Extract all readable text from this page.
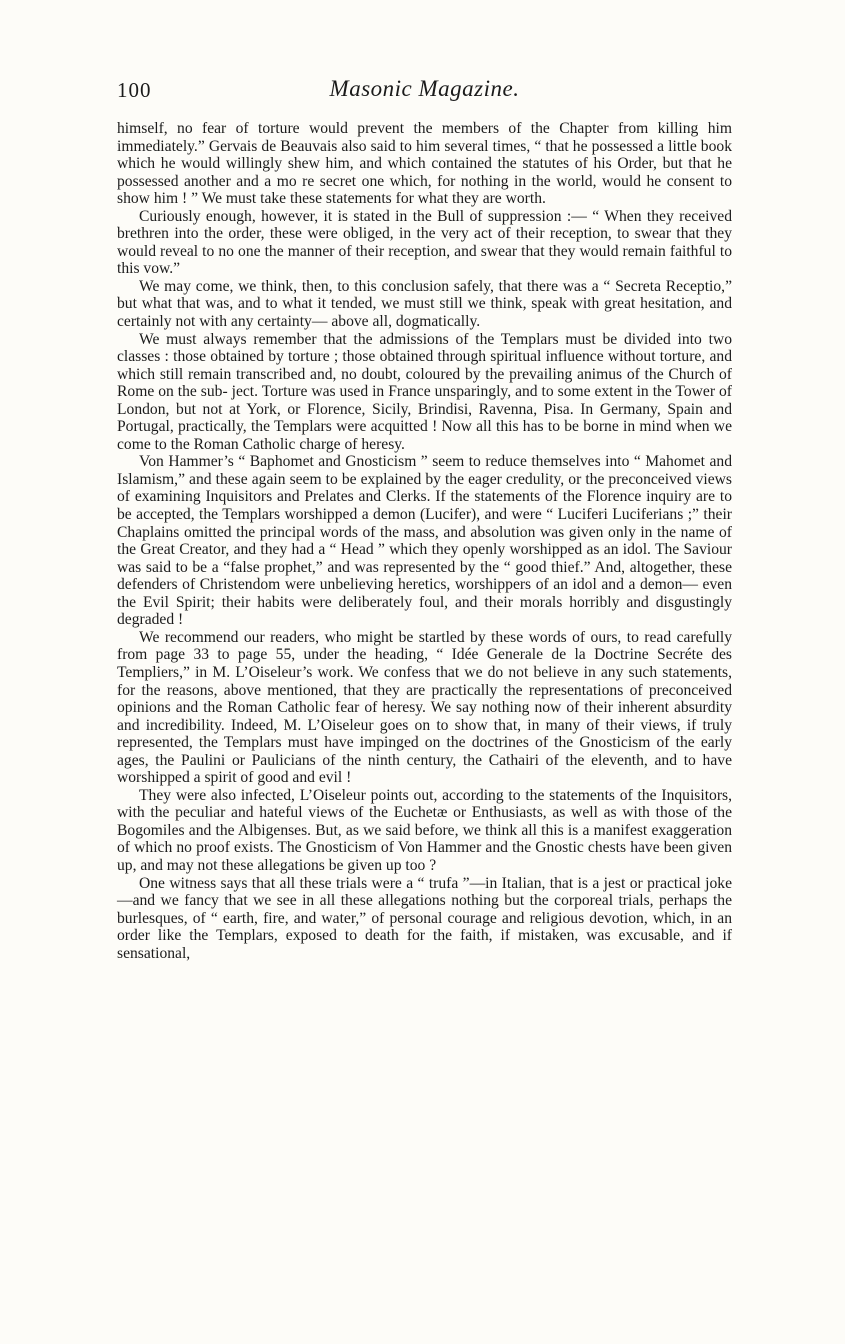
100	Masonic Magazine.

himself, no fear of torture would prevent the members of the Chapter from killing him immediately.” Gervais de Beauvais also said to him several times, “ that he possessed a little book which he would willingly shew him, and which contained the statutes of his Order, but that he possessed another and a mo re secret one which, for nothing in the world, would he consent to show him ! ” We must take these statements for what they are worth.

Curiously enough, however, it is stated in the Bull of suppression :— “ When they received brethren into the order, these were obliged, in the very act of their reception, to swear that they would reveal to no one the manner of their reception, and swear that they would remain faithful to this vow.”

We may come, we think, then, to this conclusion safely, that there was a “ Secreta Receptio,” but what that was, and to what it tended, we must still we think, speak with great hesitation, and certainly not with any certainty— above all, dogmatically.

We must always remember that the admissions of the Templars must be divided into two classes : those obtained by torture ; those obtained through spiritual influence without torture, and which still remain transcribed and, no doubt, coloured by the prevailing animus of the Church of Rome on the sub- ject. Torture was used in France unsparingly, and to some extent in the Tower of London, but not at York, or Florence, Sicily, Brindisi, Ravenna, Pisa. In Germany, Spain and Portugal, practically, the Templars were acquitted ! Now all this has to be borne in mind when we come to the Roman Catholic charge of heresy.

Von Hammer’s “ Baphomet and Gnosticism ” seem to reduce themselves into “ Mahomet and Islamism,” and these again seem to be explained by the eager credulity, or the preconceived views of examining Inquisitors and Prelates and Clerks. If the statements of the Florence inquiry are to be accepted, the Templars worshipped a demon (Lucifer), and were “ Luciferi Luciferians ;” their Chaplains omitted the principal words of the mass, and absolution was given only in the name of the Great Creator, and they had a “ Head ” which they openly worshipped as an idol. The Saviour was said to be a “false prophet,” and was represented by the “ good thief.” And, altogether, these defenders of Christendom were unbelieving heretics, worshippers of an idol and a demon— even the Evil Spirit; their habits were deliberately foul, and their morals horribly and disgustingly degraded !

We recommend our readers, who might be startled by these words of ours, to read carefully from page 33 to page 55, under the heading, “ Idée Generale de la Doctrine Secréte des Templiers,” in M. L’Oiseleur’s work. We confess that we do not believe in any such statements, for the reasons, above mentioned, that they are practically the representations of preconceived opinions and the Roman Catholic fear of heresy. We say nothing now of their inherent absurdity and incredibility. Indeed, M. L’Oiseleur goes on to show that, in many of their views, if truly represented, the Templars must have impinged on the doctrines of the Gnosticism of the early ages, the Paulini or Paulicians of the ninth century, the Cathairi of the eleventh, and to have worshipped a spirit of good and evil !

They were also infected, L’Oiseleur points out, according to the statements of the Inquisitors, with the peculiar and hateful views of the Euchetæ or Enthusiasts, as well as with those of the Bogomiles and the Albigenses. But, as we said before, we think all this is a manifest exaggeration of which no proof exists. The Gnosticism of Von Hammer and the Gnostic chests have been given up, and may not these allegations be given up too ?

One witness says that all these trials were a “ trufa ”—in Italian, that is a jest or practical joke—and we fancy that we see in all these allegations nothing but the corporeal trials, perhaps the burlesques, of “ earth, fire, and water,” of personal courage and religious devotion, which, in an order like the Templars, exposed to death for the faith, if mistaken, was excusable, and if sensational,
